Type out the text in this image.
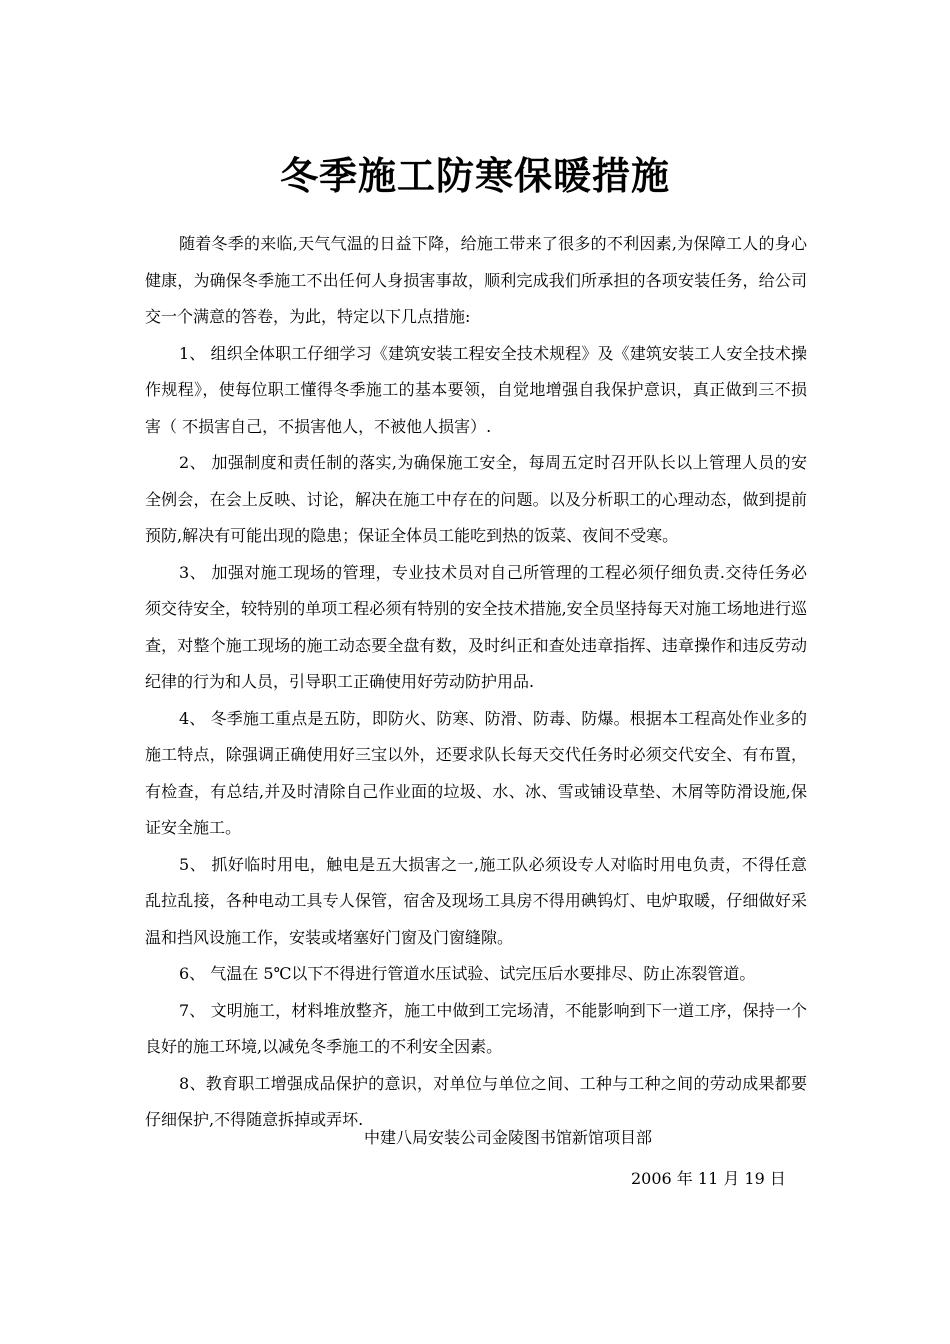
冬季施工防寒保暖措施

随着冬季的来临,天气气温的日益下降，给施工带来了很多的不利因素,为保障工人的身心健康，为确保冬季施工不出任何人身损害事故，顺利完成我们所承担的各项安装任务，给公司交一个满意的答卷，为此，特定以下几点措施:

1、 组织全体职工仔细学习《建筑安装工程安全技术规程》及《建筑安装工人安全技术操作规程》，使每位职工懂得冬季施工的基本要领，自觉地增强自我保护意识，真正做到三不损害（ 不损害自己，不损害他人，不被他人损害）.

2、 加强制度和责任制的落实,为确保施工安全，每周五定时召开队长以上管理人员的安全例会，在会上反映、讨论，解决在施工中存在的问题。以及分析职工的心理动态，做到提前预防,解决有可能出现的隐患；保证全体员工能吃到热的饭菜、夜间不受寒。

3、 加强对施工现场的管理，专业技术员对自己所管理的工程必须仔细负责.交待任务必须交待安全，较特别的单项工程必须有特别的安全技术措施,安全员坚持每天对施工场地进行巡查，对整个施工现场的施工动态要全盘有数，及时纠正和查处违章指挥、违章操作和违反劳动纪律的行为和人员，引导职工正确使用好劳动防护用品.

4、 冬季施工重点是五防，即防火、防寒、防滑、防毒、防爆。根据本工程高处作业多的施工特点，除强调正确使用好三宝以外，还要求队长每天交代任务时必须交代安全、有布置，有检查，有总结,并及时清除自己作业面的垃圾、水、冰、雪或铺设草垫、木屑等防滑设施,保证安全施工。

5、 抓好临时用电，触电是五大损害之一,施工队必须设专人对临时用电负责，不得任意乱拉乱接，各种电动工具专人保管，宿舍及现场工具房不得用碘钨灯、电炉取暖，仔细做好采温和挡风设施工作，安装或堵塞好门窗及门窗缝隙。

6、 气温在 5℃以下不得进行管道水压试验、试完压后水要排尽、防止冻裂管道。

7、 文明施工，材料堆放整齐，施工中做到工完场清，不能影响到下一道工序，保持一个良好的施工环境,以减免冬季施工的不利安全因素。

8、教育职工增强成品保护的意识，对单位与单位之间、工种与工种之间的劳动成果都要仔细保护,不得随意拆掉或弄坏.

中建八局安装公司金陵图书馆新馆项目部
2006 年 11 月 19 日
